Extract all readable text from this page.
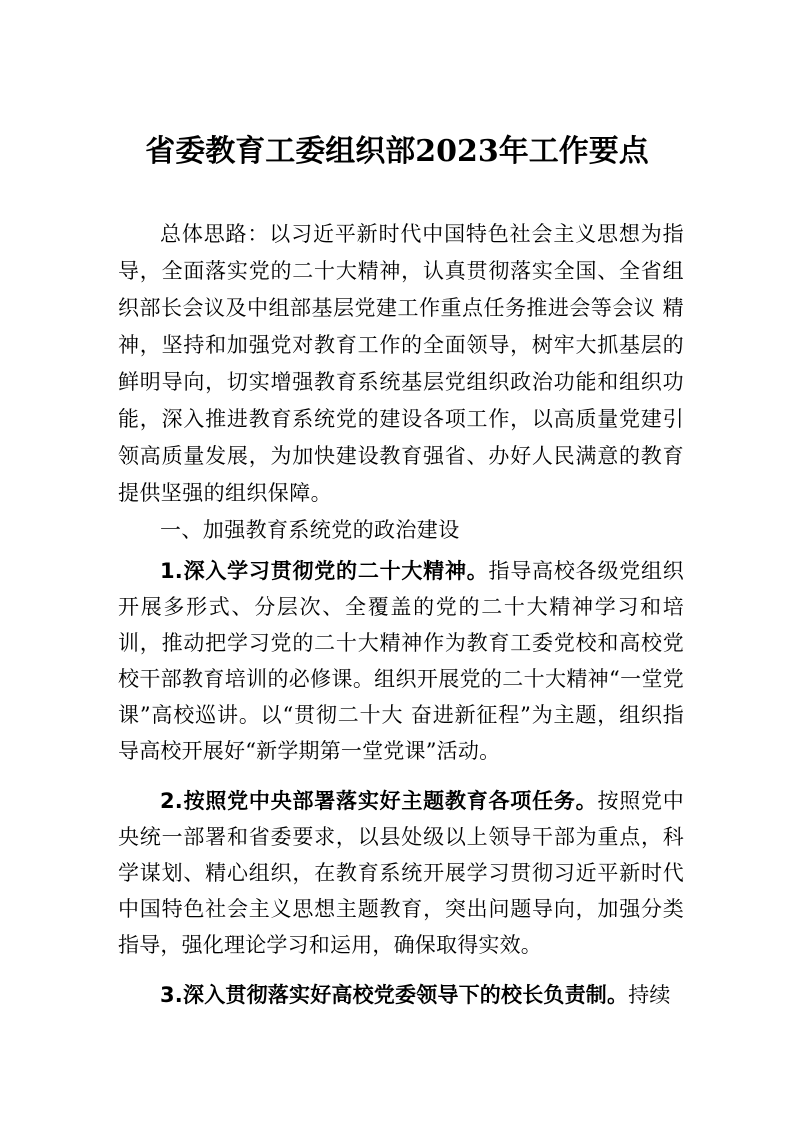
省委教育工委组织部2023年工作要点

总体思路：以习近平新时代中国特色社会主义思想为指导，全面落实党的二十大精神，认真贯彻落实全国、全省组织部长会议及中组部基层党建工作重点任务推进会等会议 精神，坚持和加强党对教育工作的全面领导，树牢大抓基层的鲜明导向，切实增强教育系统基层党组织政治功能和组织功能，深入推进教育系统党的建设各项工作，以高质量党建引领高质量发展，为加快建设教育强省、办好人民满意的教育提供坚强的组织保障。

一、加强教育系统党的政治建设

1.深入学习贯彻党的二十大精神。指导高校各级党组织开展多形式、分层次、全覆盖的党的二十大精神学习和培训，推动把学习党的二十大精神作为教育工委党校和高校党校干部教育培训的必修课。组织开展党的二十大精神“一堂党课”高校巡讲。以“贯彻二十大 奋进新征程”为主题，组织指导高校开展好“新学期第一堂党课”活动。

2.按照党中央部署落实好主题教育各项任务。按照党中央统一部署和省委要求，以县处级以上领导干部为重点，科学谋划、精心组织，在教育系统开展学习贯彻习近平新时代中国特色社会主义思想主题教育，突出问题导向，加强分类指导，强化理论学习和运用，确保取得实效。

3.深入贯彻落实好高校党委领导下的校长负责制。持续
